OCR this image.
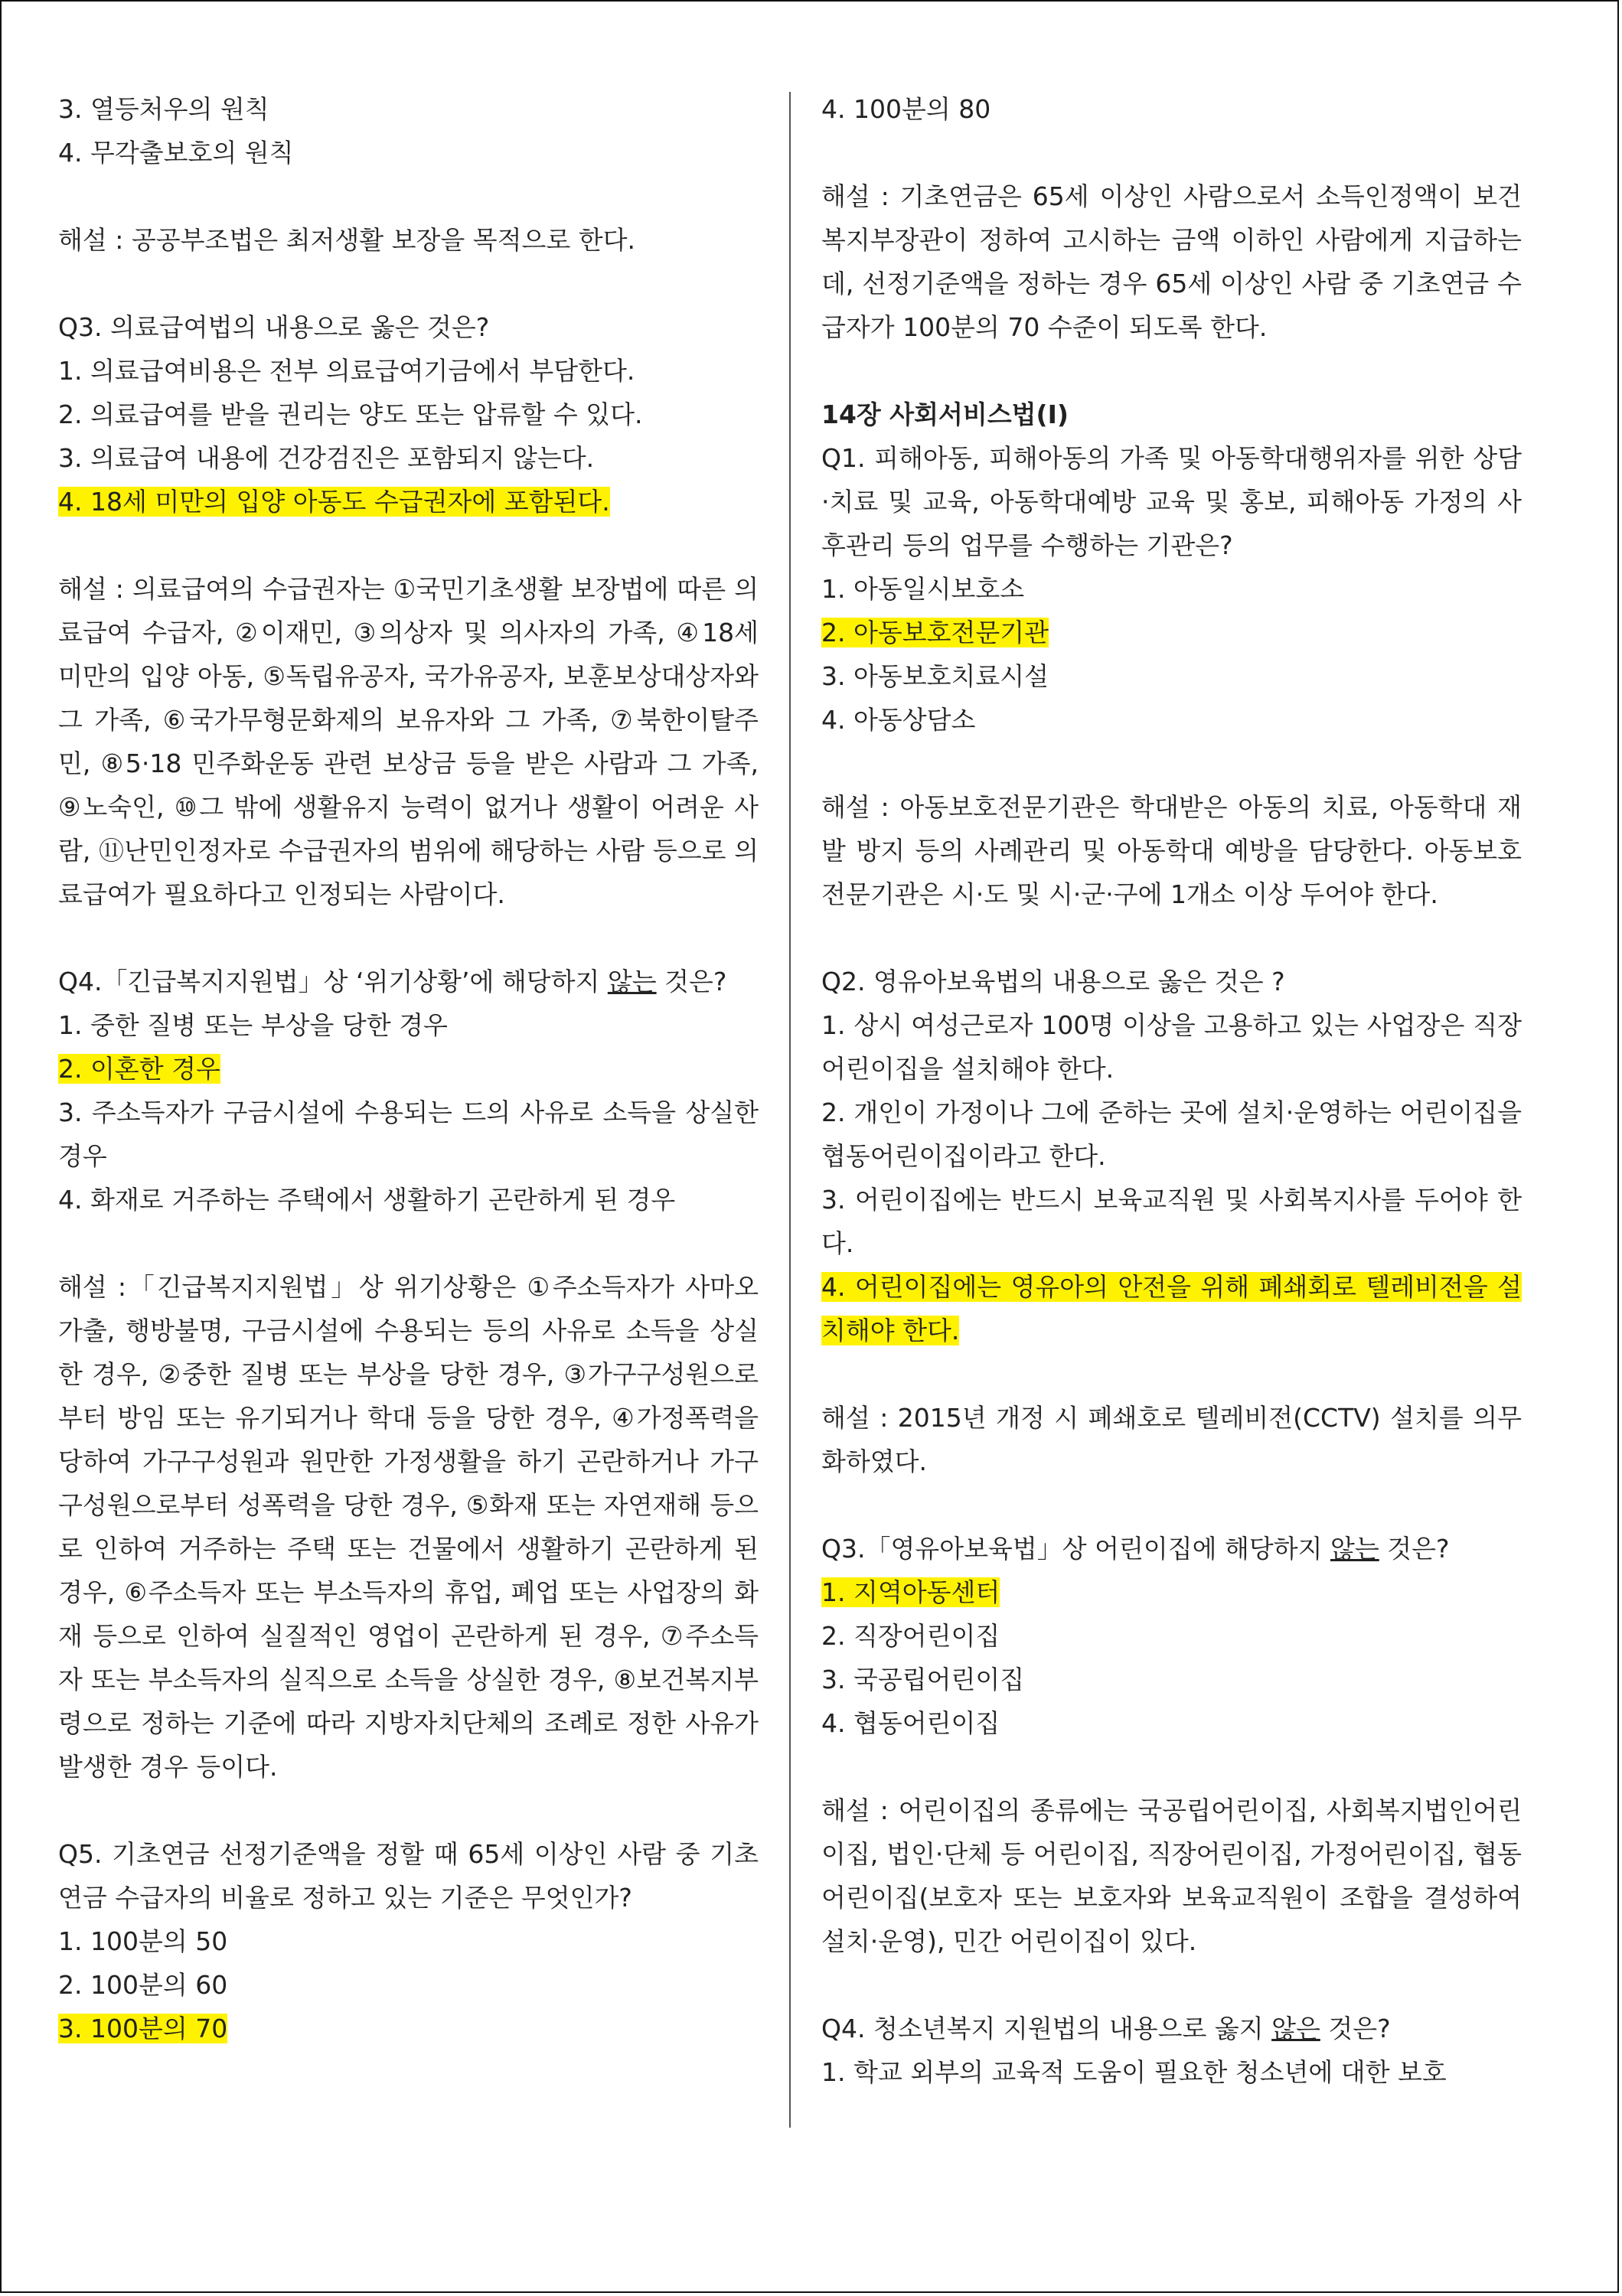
3. 열등처우의 원칙

4. 무각출보호의 원칙

해설 : 공공부조법은 최저생활 보장을 목적으로 한다.

Q3. 의료급여법의 내용으로 옳은 것은?

1. 의료급여비용은 전부 의료급여기금에서 부담한다.

2. 의료급여를 받을 권리는 양도 또는 압류할 수 있다.

3. 의료급여 내용에 건강검진은 포함되지 않는다.

4. 18세 미만의 입양 아동도 수급권자에 포함된다.

해설 : 의료급여의 수급권자는 ①국민기초생활 보장법에 따른 의료급여 수급자, ②이재민, ③의상자 및 의사자의 가족, ④18세 미만의 입양 아동, ⑤독립유공자, 국가유공자, 보훈보상대상자와 그 가족, ⑥국가무형문화제의 보유자와 그 가족, ⑦북한이탈주민, ⑧5·18 민주화운동 관련 보상금 등을 받은 사람과 그 가족, ⑨노숙인, ⑩그 밖에 생활유지 능력이 없거나 생활이 어려운 사람, ⑪난민인정자로 수급권자의 범위에 해당하는 사람 등으로 의료급여가 필요하다고 인정되는 사람이다.

Q4.「긴급복지지원법」상 ‘위기상황’에 해당하지 않는 것은?

1. 중한 질병 또는 부상을 당한 경우

2. 이혼한 경우

3. 주소득자가 구금시설에 수용되는 드의 사유로 소득을 상실한 경우

4. 화재로 거주하는 주택에서 생활하기 곤란하게 된 경우

해설 :「긴급복지지원법」상 위기상황은 ①주소득자가 사마오 가출, 행방불명, 구금시설에 수용되는 등의 사유로 소득을 상실한 경우, ②중한 질병 또는 부상을 당한 경우, ③가구구성원으로부터 방임 또는 유기되거나 학대 등을 당한 경우, ④가정폭력을 당하여 가구구성원과 원만한 가정생활을 하기 곤란하거나 가구구성원으로부터 성폭력을 당한 경우, ⑤화재 또는 자연재해 등으로 인하여 거주하는 주택 또는 건물에서 생활하기 곤란하게 된 경우, ⑥주소득자 또는 부소득자의 휴업, 폐업 또는 사업장의 화재 등으로 인하여 실질적인 영업이 곤란하게 된 경우, ⑦주소득자 또는 부소득자의 실직으로 소득을 상실한 경우, ⑧보건복지부령으로 정하는 기준에 따라 지방자치단체의 조례로 정한 사유가 발생한 경우 등이다.

Q5. 기초연금 선정기준액을 정할 때 65세 이상인 사람 중 기초연금 수급자의 비율로 정하고 있는 기준은 무엇인가?

1. 100분의 50

2. 100분의 60

3. 100분의 70

4. 100분의 80

해설 : 기초연금은 65세 이상인 사람으로서 소득인정액이 보건복지부장관이 정하여 고시하는 금액 이하인 사람에게 지급하는데, 선정기준액을 정하는 경우 65세 이상인 사람 중 기초연금 수급자가 100분의 70 수준이 되도록 한다.

14장 사회서비스법(Ⅰ)

Q1. 피해아동, 피해아동의 가족 및 아동학대행위자를 위한 상담·치료 및 교육, 아동학대예방 교육 및 홍보, 피해아동 가정의 사후관리 등의 업무를 수행하는 기관은?

1. 아동일시보호소

2. 아동보호전문기관

3. 아동보호치료시설

4. 아동상담소

해설 : 아동보호전문기관은 학대받은 아동의 치료, 아동학대 재발 방지 등의 사례관리 및 아동학대 예방을 담당한다. 아동보호전문기관은 시·도 및 시·군·구에 1개소 이상 두어야 한다.

Q2. 영유아보육법의 내용으로 옳은 것은 ?

1. 상시 여성근로자 100명 이상을 고용하고 있는 사업장은 직장어린이집을 설치해야 한다.

2. 개인이 가정이나 그에 준하는 곳에 설치·운영하는 어린이집을 협동어린이집이라고 한다.

3. 어린이집에는 반드시 보육교직원 및 사회복지사를 두어야 한다.

4. 어린이집에는 영유아의 안전을 위해 폐쇄회로 텔레비전을 설치해야 한다.

해설 : 2015년 개정 시 폐쇄호로 텔레비전(CCTV) 설치를 의무화하였다.

Q3.「영유아보육법」상 어린이집에 해당하지 않는 것은?

1. 지역아동센터

2. 직장어린이집

3. 국공립어린이집

4. 협동어린이집

해설 : 어린이집의 종류에는 국공립어린이집, 사회복지법인어린이집, 법인·단체 등 어린이집, 직장어린이집, 가정어린이집, 협동어린이집(보호자 또는 보호자와 보육교직원이 조합을 결성하여 설치·운영), 민간 어린이집이 있다.

Q4. 청소년복지 지원법의 내용으로 옳지 않은 것은?

1. 학교 외부의 교육적 도움이 필요한 청소년에 대한 보호
